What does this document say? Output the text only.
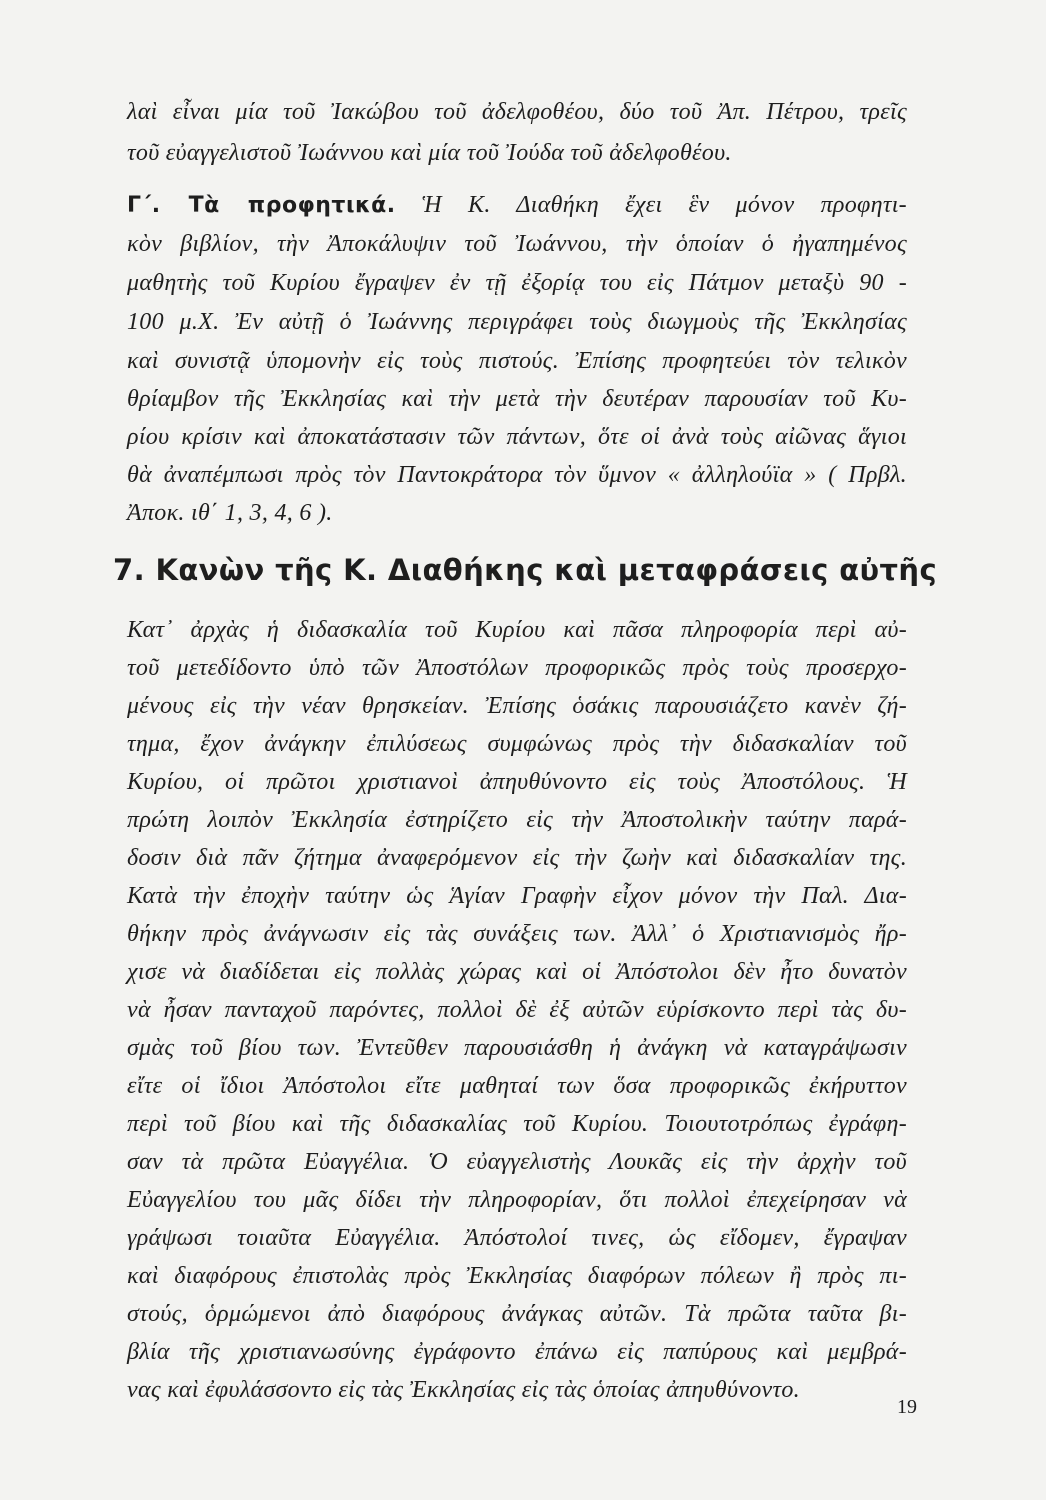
λαὶ εἶναι μία τοῦ Ἰακώβου τοῦ ἀδελφοθέου, δύο τοῦ Ἀπ. Πέτρου, τρεῖς
τοῦ εὐαγγελιστοῦ Ἰωάννου καὶ μία τοῦ Ἰούδα τοῦ ἀδελφοθέου.
Γ΄. Τὰ προφητικά. Ἡ Κ. Διαθήκη ἔχει ἓν μόνον προφητι-
κὸν βιβλίον, τὴν Ἀποκάλυψιν τοῦ Ἰωάννου, τὴν ὁποίαν ὁ ἠγαπημένος
μαθητὴς τοῦ Κυρίου ἔγραψεν ἐν τῇ ἐξορίᾳ του εἰς Πάτμον μεταξὺ 90 -
100 μ.Χ. Ἐν αὐτῇ ὁ Ἰωάννης περιγράφει τοὺς διωγμοὺς τῆς Ἐκκλησίας
καὶ συνιστᾷ ὑπομονὴν εἰς τοὺς πιστούς. Ἐπίσης προφητεύει τὸν τελικὸν
θρίαμβον τῆς Ἐκκλησίας καὶ τὴν μετὰ τὴν δευτέραν παρουσίαν τοῦ Κυ-
ρίου κρίσιν καὶ ἀποκατάστασιν τῶν πάντων, ὅτε οἱ ἀνὰ τοὺς αἰῶνας ἅγιοι
θὰ ἀναπέμπωσι πρὸς τὸν Παντοκράτορα τὸν ὕμνον « ἀλληλούϊα » ( Πρβλ.
Ἀποκ. ιθ΄ 1, 3, 4, 6 ).
7. Κανὼν τῆς Κ. Διαθήκης καὶ μεταφράσεις αὐτῆς
Κατ᾽ ἀρχὰς ἡ διδασκαλία τοῦ Κυρίου καὶ πᾶσα πληροφορία περὶ αὐ-
τοῦ μετεδίδοντο ὑπὸ τῶν Ἀποστόλων προφορικῶς πρὸς τοὺς προσερχο-
μένους εἰς τὴν νέαν θρησκείαν. Ἐπίσης ὁσάκις παρουσιάζετο κανὲν ζή-
τημα, ἔχον ἀνάγκην ἐπιλύσεως συμφώνως πρὸς τὴν διδασκαλίαν τοῦ
Κυρίου, οἱ πρῶτοι χριστιανοὶ ἀπηυθύνοντο εἰς τοὺς Ἀποστόλους. Ἡ
πρώτη λοιπὸν Ἐκκλησία ἐστηρίζετο εἰς τὴν Ἀποστολικὴν ταύτην παρά-
δοσιν διὰ πᾶν ζήτημα ἀναφερόμενον εἰς τὴν ζωὴν καὶ διδασκαλίαν της.
Κατὰ τὴν ἐποχὴν ταύτην ὡς Ἁγίαν Γραφὴν εἶχον μόνον τὴν Παλ. Δια-
θήκην πρὸς ἀνάγνωσιν εἰς τὰς συνάξεις των. Ἀλλ᾽ ὁ Χριστιανισμὸς ἤρ-
χισε νὰ διαδίδεται εἰς πολλὰς χώρας καὶ οἱ Ἀπόστολοι δὲν ἦτο δυνατὸν
νὰ ἦσαν πανταχοῦ παρόντες, πολλοὶ δὲ ἐξ αὐτῶν εὑρίσκοντο περὶ τὰς δυ-
σμὰς τοῦ βίου των. Ἐντεῦθεν παρουσιάσθη ἡ ἀνάγκη νὰ καταγράψωσιν
εἴτε οἱ ἴδιοι Ἀπόστολοι εἴτε μαθηταί των ὅσα προφορικῶς ἐκήρυττον
περὶ τοῦ βίου καὶ τῆς διδασκαλίας τοῦ Κυρίου. Τοιουτοτρόπως ἐγράφη-
σαν τὰ πρῶτα Εὐαγγέλια. Ὁ εὐαγγελιστὴς Λουκᾶς εἰς τὴν ἀρχὴν τοῦ
Εὐαγγελίου του μᾶς δίδει τὴν πληροφορίαν, ὅτι πολλοὶ ἐπεχείρησαν νὰ
γράψωσι τοιαῦτα Εὐαγγέλια. Ἀπόστολοί τινες, ὡς εἴδομεν, ἔγραψαν
καὶ διαφόρους ἐπιστολὰς πρὸς Ἐκκλησίας διαφόρων πόλεων ἢ πρὸς πι-
στούς, ὁρμώμενοι ἀπὸ διαφόρους ἀνάγκας αὐτῶν. Τὰ πρῶτα ταῦτα βι-
βλία τῆς χριστιανωσύνης ἐγράφοντο ἐπάνω εἰς παπύρους καὶ μεμβρά-
νας καὶ ἐφυλάσσοντο εἰς τὰς Ἐκκλησίας εἰς τὰς ὁποίας ἀπηυθύνοντο.
19
